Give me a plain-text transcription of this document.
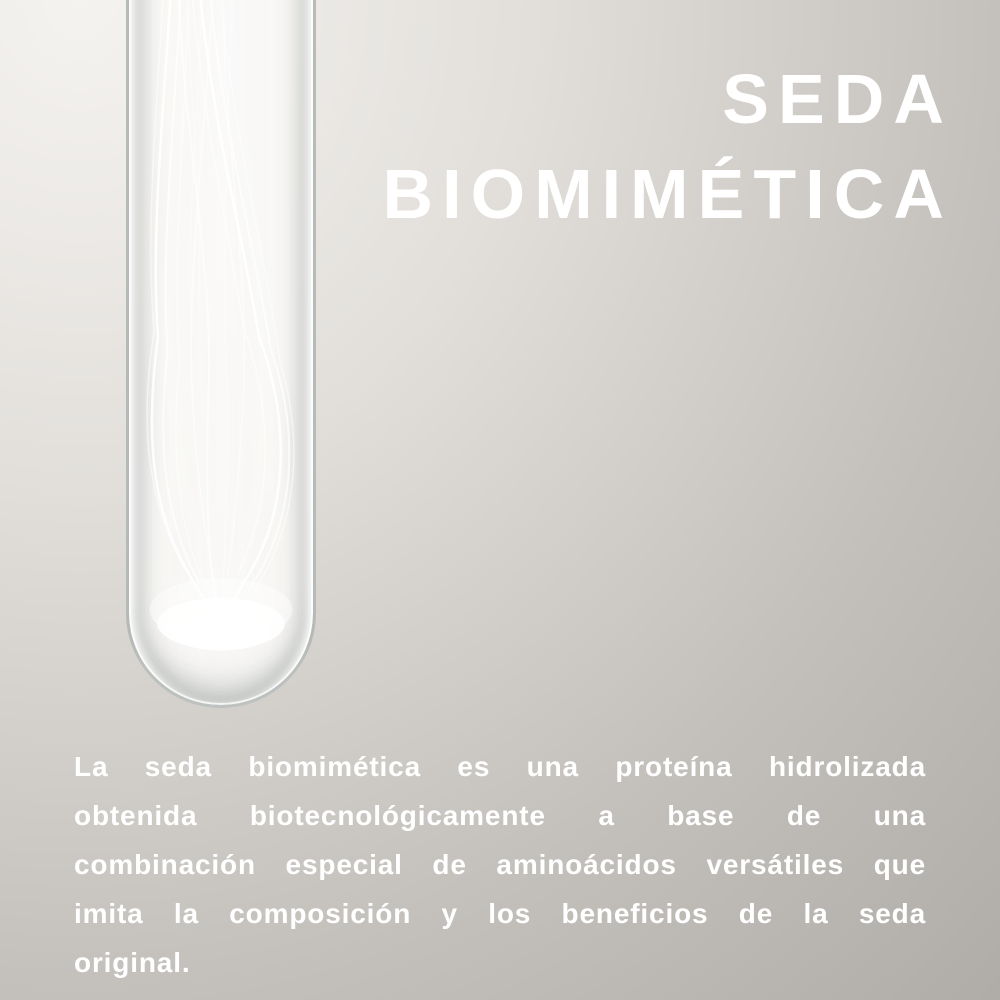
SEDA
BIOMIMÉTICA

La seda biomimética es una proteína hidrolizada obtenida biotecnológicamente a base de una combinación especial de aminoácidos versátiles que imita la composición y los beneficios de la seda original.
